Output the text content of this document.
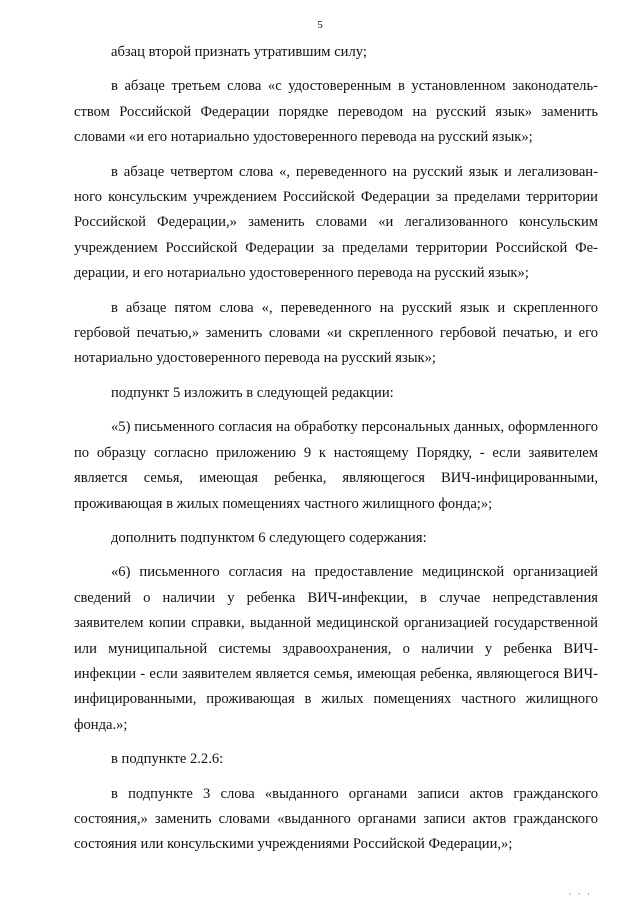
5

абзац второй признать утратившим силу;

в абзаце третьем слова «с удостоверенным в установленном законодательством Российской Федерации порядке переводом на русский язык» заменить словами «и его нотариально удостоверенного перевода на русский язык»;

в абзаце четвертом слова «, переведенного на русский язык и легализованного консульским учреждением Российской Федерации за пределами территории Российской Федерации,» заменить словами «и легализованного консульским учреждением Российской Федерации за пределами территории Российской Федерации, и его нотариально удостоверенного перевода на русский язык»;

в абзаце пятом слова «, переведенного на русский язык и скрепленного гербовой печатью,» заменить словами «и скрепленного гербовой печатью, и его нотариально удостоверенного перевода на русский язык»;

подпункт 5 изложить в следующей редакции:

«5) письменного согласия на обработку персональных данных, оформленного по образцу согласно приложению 9 к настоящему Порядку, - если заявителем является семья, имеющая ребенка, являющегося ВИЧ-инфицированными, проживающая в жилых помещениях частного жилищного фонда;»;

дополнить подпунктом 6 следующего содержания:

«6) письменного согласия на предоставление медицинской организацией сведений о наличии у ребенка ВИЧ-инфекции, в случае непредставления заявителем копии справки, выданной медицинской организацией государственной или муниципальной системы здравоохранения, о наличии у ребенка ВИЧ-инфекции - если заявителем является семья, имеющая ребенка, являющегося ВИЧ-инфицированными, проживающая в жилых помещениях частного жилищного фонда.»;

в подпункте 2.2.6:

в подпункте 3 слова «выданного органами записи актов гражданского состояния,» заменить словами «выданного органами записи актов гражданского состояния или консульскими учреждениями Российской Федерации,»;

· · ·
